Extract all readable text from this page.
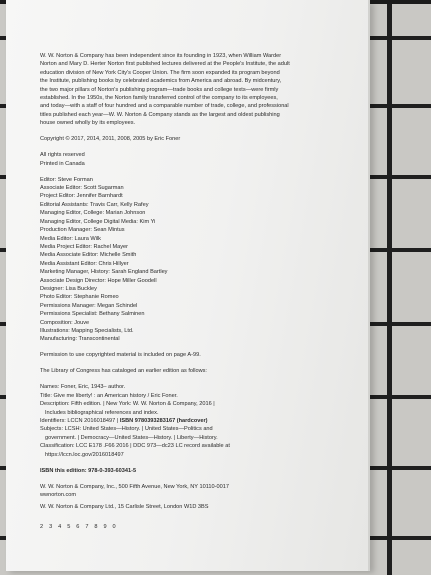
W. W. Norton & Company has been independent since its founding in 1923, when William Warder

Norton and Mary D. Herter Norton first published lectures delivered at the People's Institute, the adult

education division of New York City's Cooper Union. The firm soon expanded its program beyond

the Institute, publishing books by celebrated academics from America and abroad. By midcentury,

the two major pillars of Norton's publishing program—trade books and college texts—were firmly

established. In the 1950s, the Norton family transferred control of the company to its employees,

and today—with a staff of four hundred and a comparable number of trade, college, and professional

titles published each year—W. W. Norton & Company stands as the largest and oldest publishing

house owned wholly by its employees.

Copyright © 2017, 2014, 2011, 2008, 2005 by Eric Foner

All rights reserved

Printed in Canada

Editor: Steve Forman

Associate Editor: Scott Sugarman

Project Editor: Jennifer Barnhardt

Editorial Assistants: Travis Carr, Kelly Rafey

Managing Editor, College: Marian Johnson

Managing Editor, College Digital Media: Kim Yi

Production Manager: Sean Mintus

Media Editor: Laura Wilk

Media Project Editor: Rachel Mayer

Media Associate Editor: Michelle Smith

Media Assistant Editor: Chris Hillyer

Marketing Manager, History: Sarah England Bartley

Associate Design Director: Hope Miller Goodell

Designer: Lisa Buckley

Photo Editor: Stephanie Romeo

Permissions Manager: Megan Schindel

Permissions Specialist: Bethany Salminen

Composition: Jouve

Illustrations: Mapping Specialists, Ltd.

Manufacturing: Transcontinental

Permission to use copyrighted material is included on page A-99.

The Library of Congress has cataloged an earlier edition as follows:

Names: Foner, Eric, 1943– author.

Title: Give me liberty! : an American history / Eric Foner.

Description: Fifth edition. | New York: W. W. Norton & Company, 2016 |

Includes bibliographical references and index.

Identifiers: LCCN 2016018497 | ISBN 9780393283167 (hardcover)

Subjects: LCSH: United States—History. | United States—Politics and

government. | Democracy—United States—History. | Liberty—History.

Classification: LCC E178 .F66 2016 | DDC 973—dc23 LC record available at

https://lccn.loc.gov/2016018497

ISBN this edition: 978-0-393-60341-5

W. W. Norton & Company, Inc., 500 Fifth Avenue, New York, NY 10110-0017

wwnorton.com

W. W. Norton & Company Ltd., 15 Carlisle Street, London W1D 3BS

2 3 4 5 6 7 8 9 0
